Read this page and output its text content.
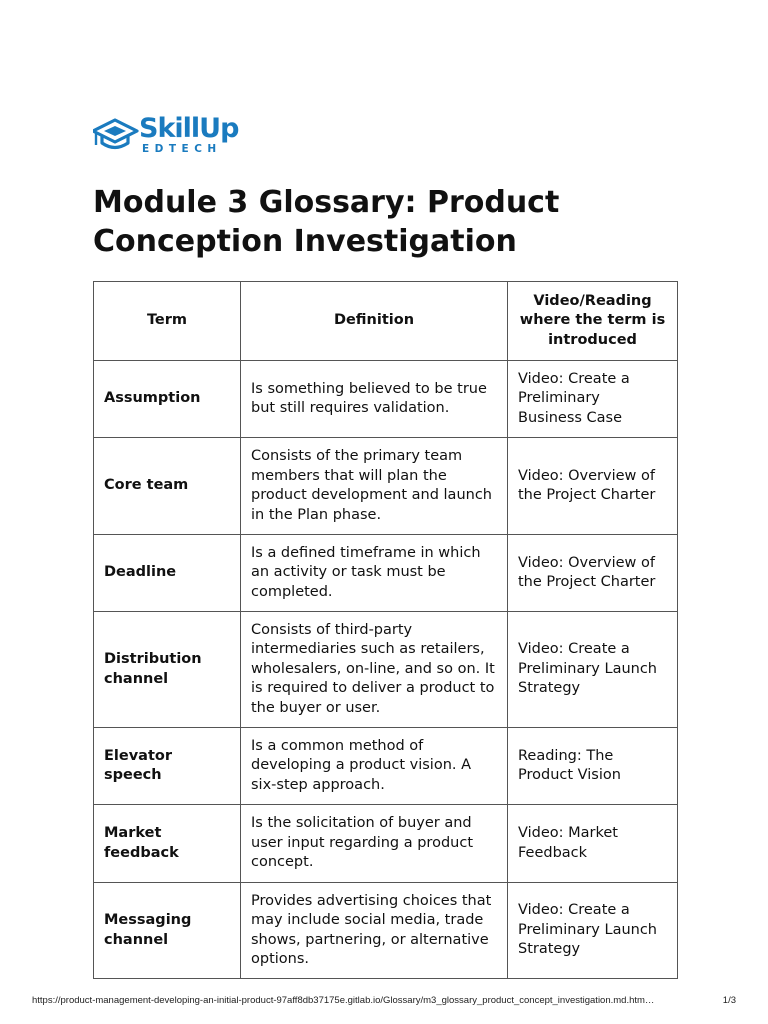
SkillUp
EDTECH
Module 3 Glossary: Product Conception Investigation
Term	Definition	Video/Reading where the term is introduced
Assumption	Is something believed to be true but still requires validation.	Video: Create a Preliminary Business Case
Core team	Consists of the primary team members that will plan the product development and launch in the Plan phase.	Video: Overview of the Project Charter
Deadline	Is a defined timeframe in which an activity or task must be completed.	Video: Overview of the Project Charter
Distribution channel	Consists of third-party intermediaries such as retailers, wholesalers, on-line, and so on. It is required to deliver a product to the buyer or user.	Video: Create a Preliminary Launch Strategy
Elevator speech	Is a common method of developing a product vision. A six-step approach.	Reading: The Product Vision
Market feedback	Is the solicitation of buyer and user input regarding a product concept.	Video: Market Feedback
Messaging channel	Provides advertising choices that may include social media, trade shows, partnering, or alternative options.	Video: Create a Preliminary Launch Strategy
https://product-management-developing-an-initial-product-97aff8db37175e.gitlab.io/Glossary/m3_glossary_product_concept_investigation.md.htm…	1/3
